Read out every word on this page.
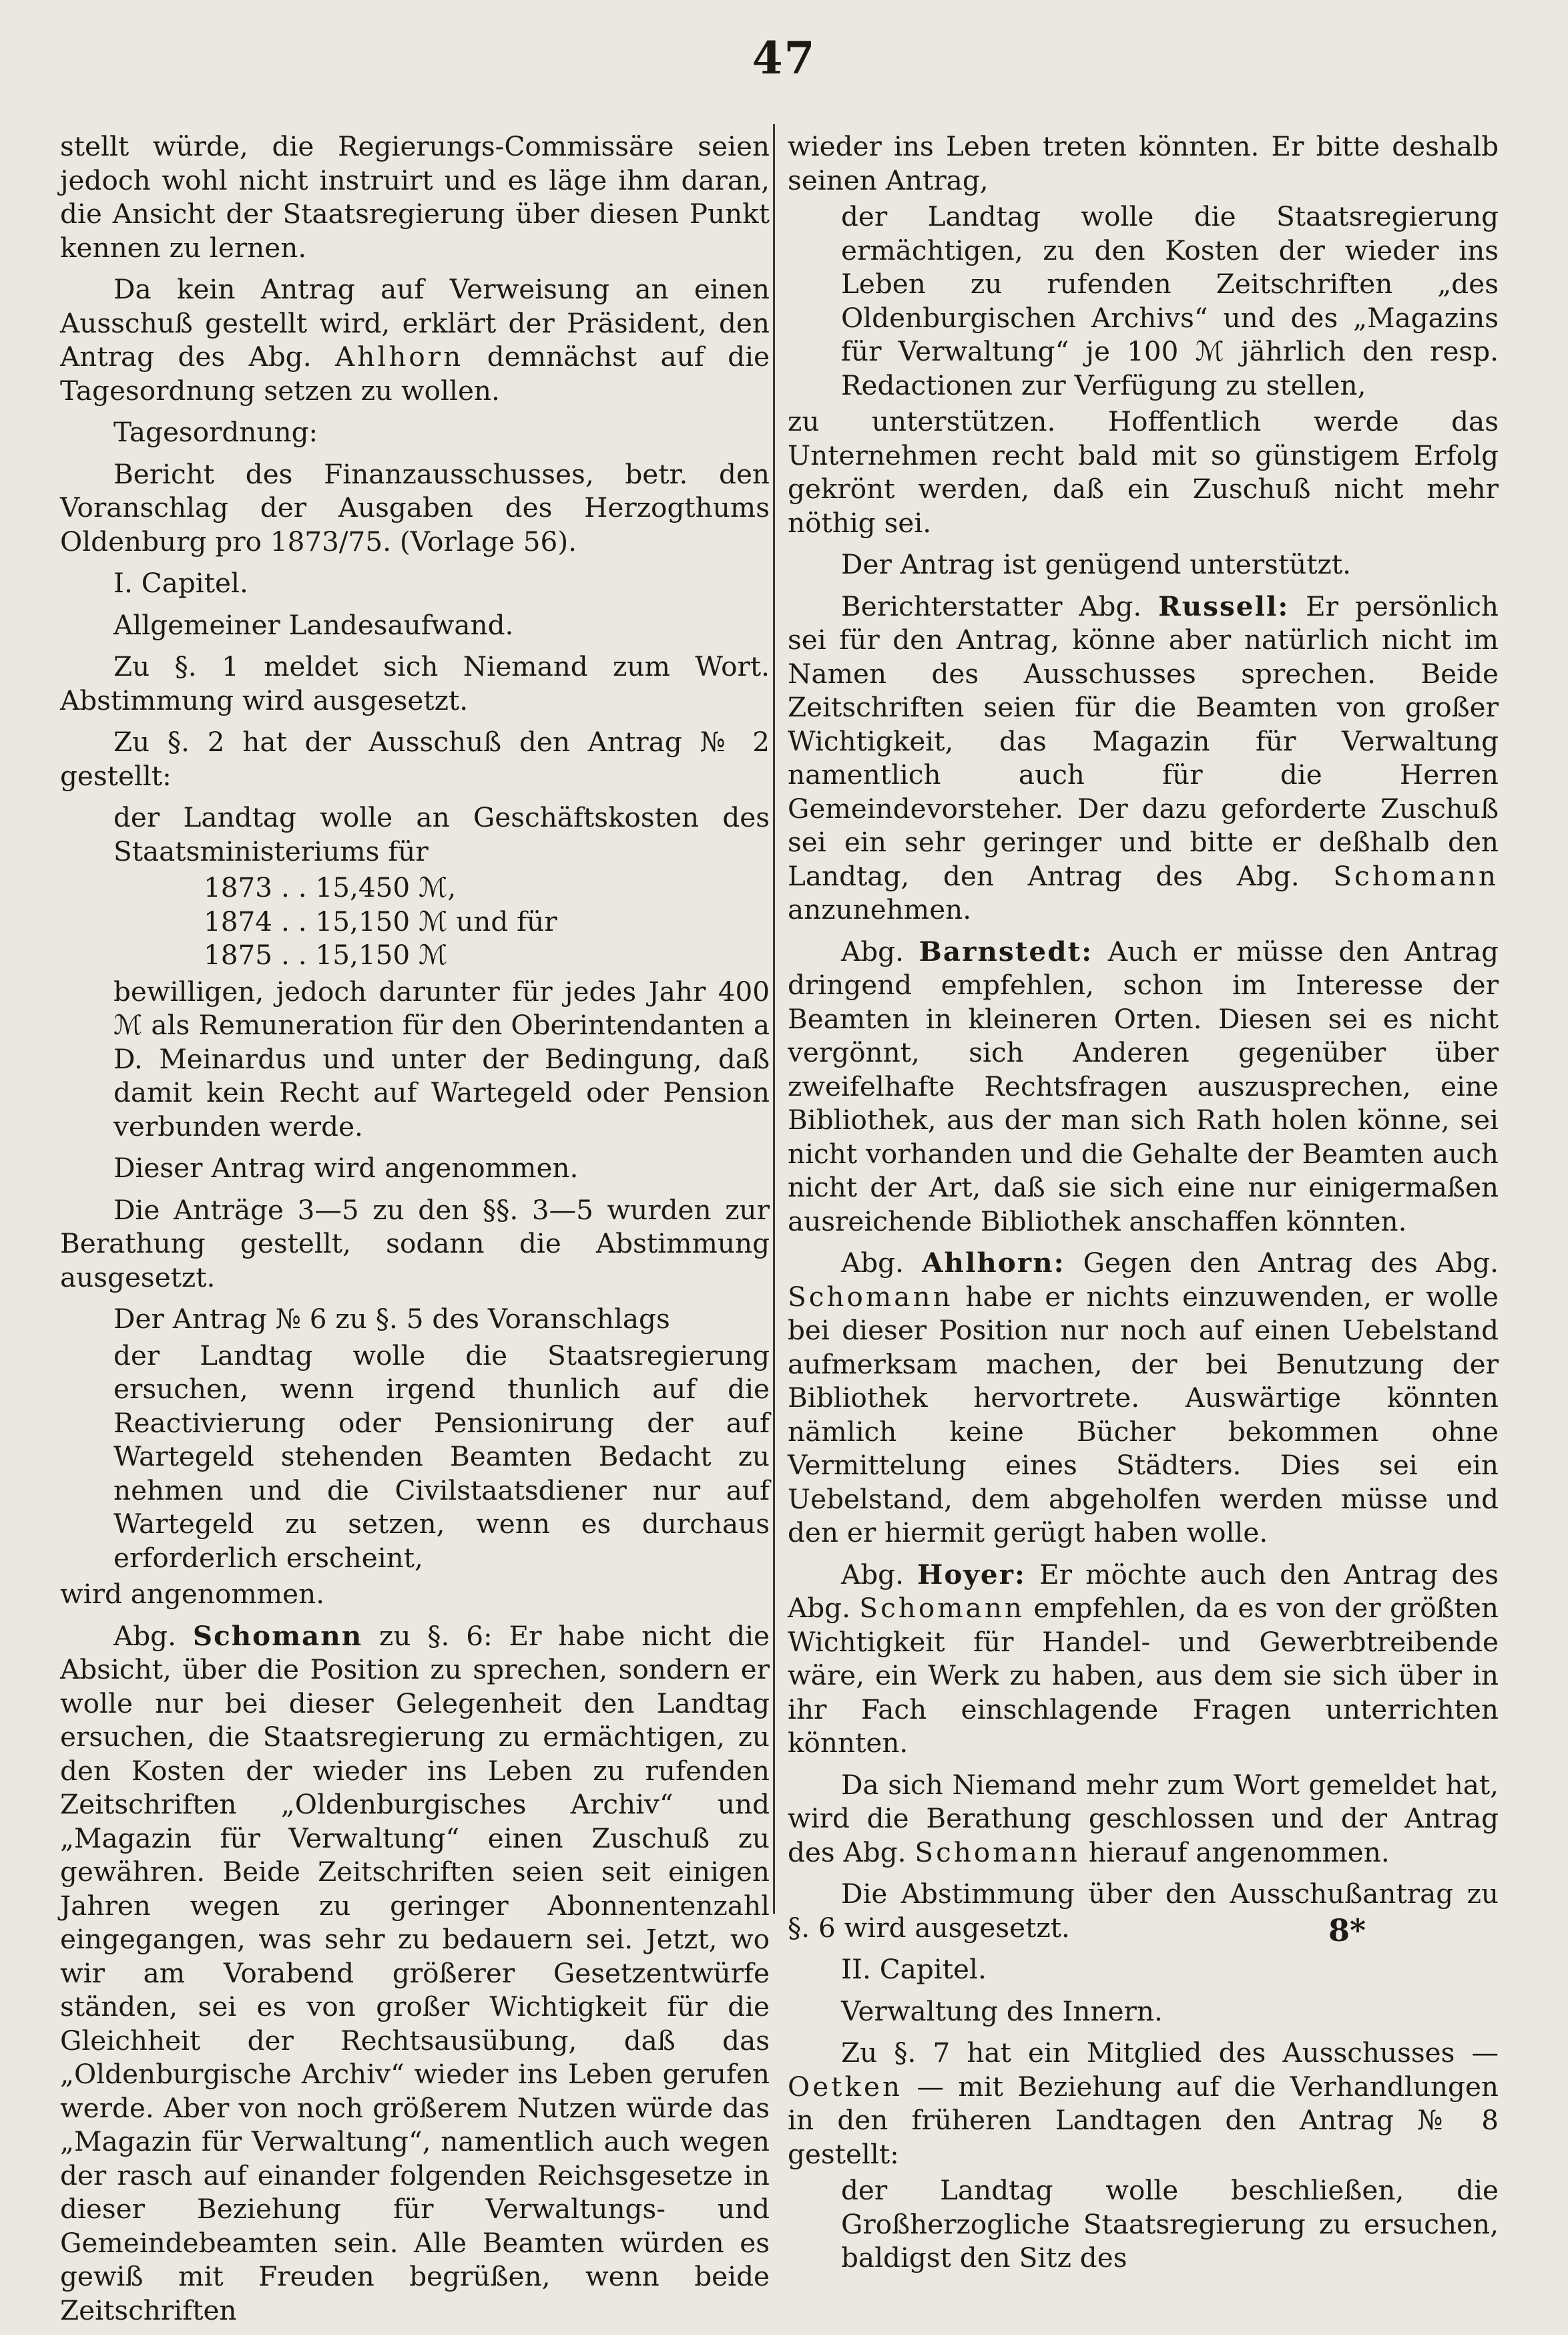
47

stellt würde, die Regierungs-Commissäre seien jedoch wohl nicht instruirt und es läge ihm daran, die Ansicht der Staatsregierung über diesen Punkt kennen zu lernen.

Da kein Antrag auf Verweisung an einen Ausschuß gestellt wird, erklärt der Präsident, den Antrag des Abg. Ahlhorn demnächst auf die Tagesordnung setzen zu wollen.

Tagesordnung:

Bericht des Finanzausschusses, betr. den Voranschlag der Ausgaben des Herzogthums Oldenburg pro 1873/75. (Vorlage 56).

I. Capitel.

Allgemeiner Landesaufwand.

Zu §. 1 meldet sich Niemand zum Wort. Abstimmung wird ausgesetzt.

Zu §. 2 hat der Ausschuß den Antrag № 2 gestellt:

der Landtag wolle an Geschäftskosten des Staatsministeriums für

1873 . . 15,450 ℳ,

1874 . . 15,150 ℳ und für

1875 . . 15,150 ℳ

bewilligen, jedoch darunter für jedes Jahr 400 ℳ als Remuneration für den Oberintendanten a D. Meinardus und unter der Bedingung, daß damit kein Recht auf Wartegeld oder Pension verbunden werde.

Dieser Antrag wird angenommen.

Die Anträge 3—5 zu den §§. 3—5 wurden zur Berathung gestellt, sodann die Abstimmung ausgesetzt.

Der Antrag № 6 zu §. 5 des Voranschlags

der Landtag wolle die Staatsregierung ersuchen, wenn irgend thunlich auf die Reactivierung oder Pensionirung der auf Wartegeld stehenden Beamten Bedacht zu nehmen und die Civilstaatsdiener nur auf Wartegeld zu setzen, wenn es durchaus erforderlich erscheint,

wird angenommen.

Abg. Schomann zu §. 6: Er habe nicht die Absicht, über die Position zu sprechen, sondern er wolle nur bei dieser Gelegenheit den Landtag ersuchen, die Staatsregierung zu ermächtigen, zu den Kosten der wieder ins Leben zu rufenden Zeitschriften „Oldenburgisches Archiv“ und „Magazin für Verwaltung“ einen Zuschuß zu gewähren. Beide Zeitschriften seien seit einigen Jahren wegen zu geringer Abonnentenzahl eingegangen, was sehr zu bedauern sei. Jetzt, wo wir am Vorabend größerer Gesetzentwürfe ständen, sei es von großer Wichtigkeit für die Gleichheit der Rechtsausübung, daß das „Oldenburgische Archiv“ wieder ins Leben gerufen werde. Aber von noch größerem Nutzen würde das „Magazin für Verwaltung“, namentlich auch wegen der rasch auf einander folgenden Reichsgesetze in dieser Beziehung für Verwaltungs- und Gemeindebeamten sein. Alle Beamten würden es gewiß mit Freuden begrüßen, wenn beide Zeitschriften

wieder ins Leben treten könnten. Er bitte deshalb seinen Antrag,

der Landtag wolle die Staatsregierung ermächtigen, zu den Kosten der wieder ins Leben zu rufenden Zeitschriften „des Oldenburgischen Archivs“ und des „Magazins für Verwaltung“ je 100 ℳ jährlich den resp. Redactionen zur Verfügung zu stellen,

zu unterstützen. Hoffentlich werde das Unternehmen recht bald mit so günstigem Erfolg gekrönt werden, daß ein Zuschuß nicht mehr nöthig sei.

Der Antrag ist genügend unterstützt.

Berichterstatter Abg. Russell: Er persönlich sei für den Antrag, könne aber natürlich nicht im Namen des Ausschusses sprechen. Beide Zeitschriften seien für die Beamten von großer Wichtigkeit, das Magazin für Verwaltung namentlich auch für die Herren Gemeindevorsteher. Der dazu geforderte Zuschuß sei ein sehr geringer und bitte er deßhalb den Landtag, den Antrag des Abg. Schomann anzunehmen.

Abg. Barnstedt: Auch er müsse den Antrag dringend empfehlen, schon im Interesse der Beamten in kleineren Orten. Diesen sei es nicht vergönnt, sich Anderen gegenüber über zweifelhafte Rechtsfragen auszusprechen, eine Bibliothek, aus der man sich Rath holen könne, sei nicht vorhanden und die Gehalte der Beamten auch nicht der Art, daß sie sich eine nur einigermaßen ausreichende Bibliothek anschaffen könnten.

Abg. Ahlhorn: Gegen den Antrag des Abg. Schomann habe er nichts einzuwenden, er wolle bei dieser Position nur noch auf einen Uebelstand aufmerksam machen, der bei Benutzung der Bibliothek hervortrete. Auswärtige könnten nämlich keine Bücher bekommen ohne Vermittelung eines Städters. Dies sei ein Uebelstand, dem abgeholfen werden müsse und den er hiermit gerügt haben wolle.

Abg. Hoyer: Er möchte auch den Antrag des Abg. Schomann empfehlen, da es von der größten Wichtigkeit für Handel- und Gewerbtreibende wäre, ein Werk zu haben, aus dem sie sich über in ihr Fach einschlagende Fragen unterrichten könnten.

Da sich Niemand mehr zum Wort gemeldet hat, wird die Berathung geschlossen und der Antrag des Abg. Schomann hierauf angenommen.

Die Abstimmung über den Ausschußantrag zu §. 6 wird ausgesetzt.

II. Capitel.

Verwaltung des Innern.

Zu §. 7 hat ein Mitglied des Ausschusses — Oetken — mit Beziehung auf die Verhandlungen in den früheren Landtagen den Antrag № 8 gestellt:

der Landtag wolle beschließen, die Großherzogliche Staatsregierung zu ersuchen, baldigst den Sitz des

8*
